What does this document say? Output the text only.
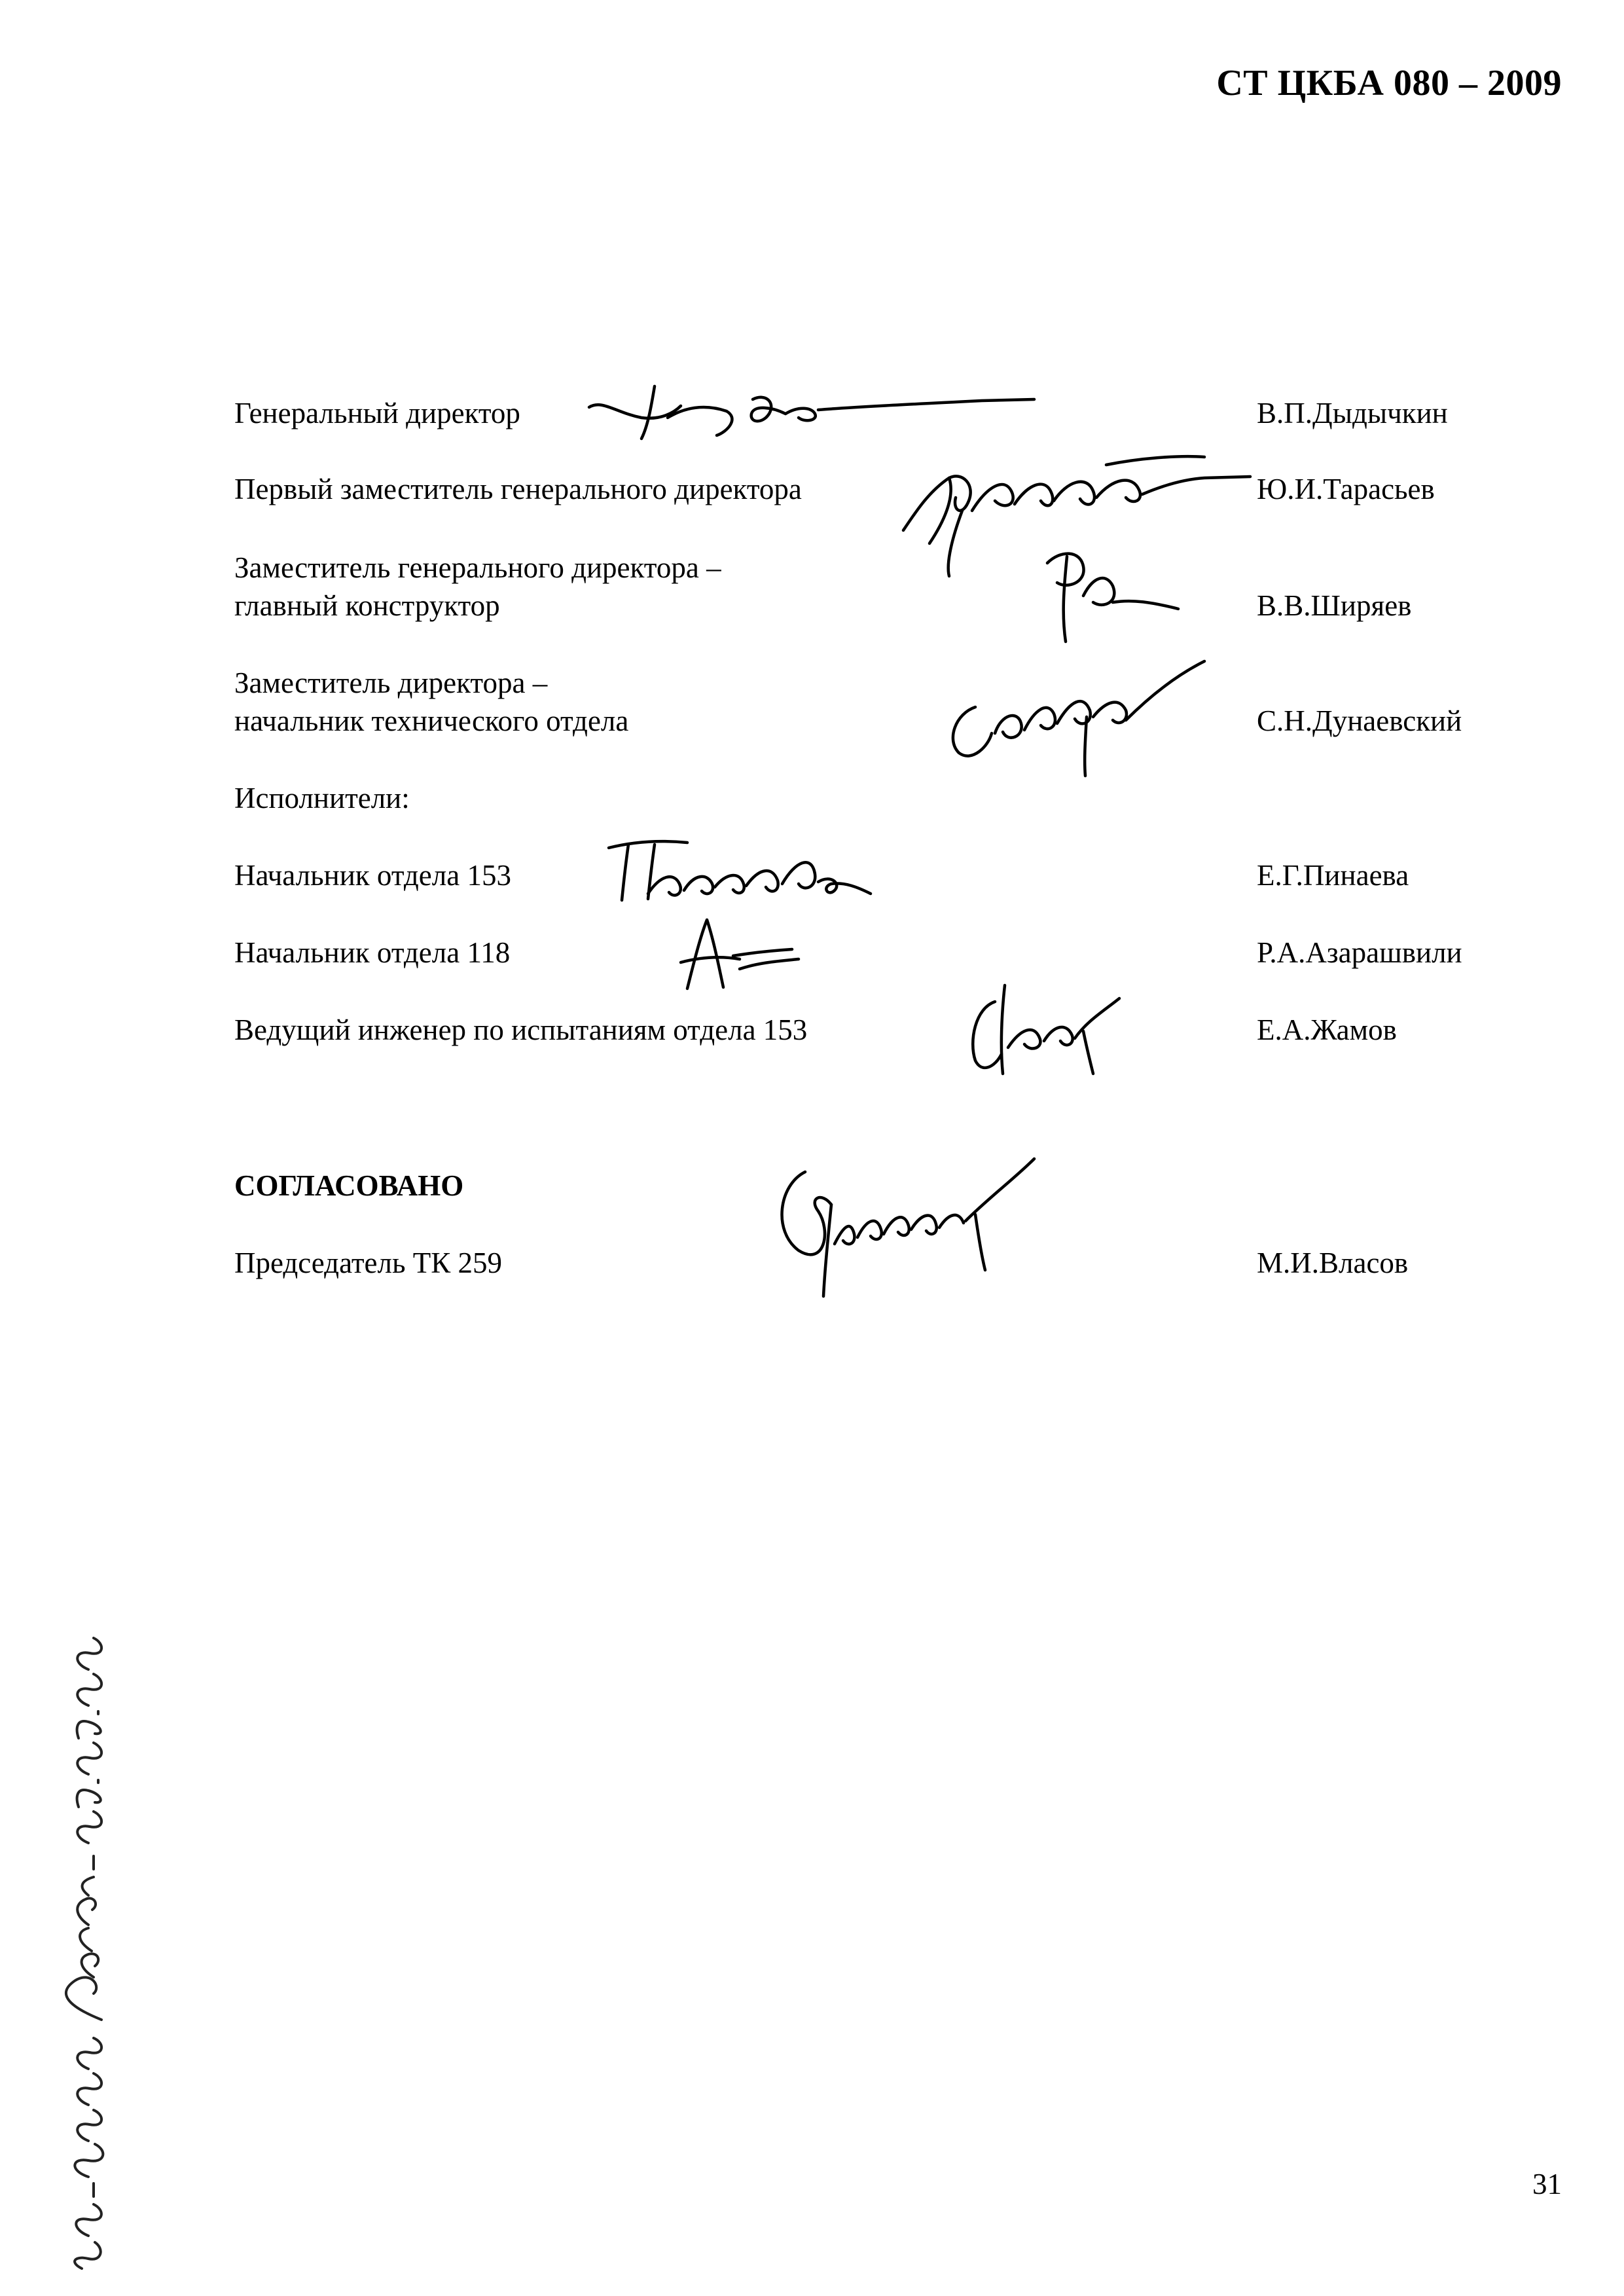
СТ ЦКБА 080 – 2009
Генеральный директор	В.П.Дыдычкин
Первый заместитель генерального директора	Ю.И.Тарасьев
Заместитель генерального директора –
главный конструктор	В.В.Ширяев
Заместитель директора –
начальник технического отдела	С.Н.Дунаевский
Исполнители:
Начальник отдела 153	Е.Г.Пинаева
Начальник отдела 118	Р.А.Азарашвили
Ведущий инженер по испытаниям отдела 153	Е.А.Жамов
СОГЛАСОВАНО
Председатель ТК 259	М.И.Власов
31
